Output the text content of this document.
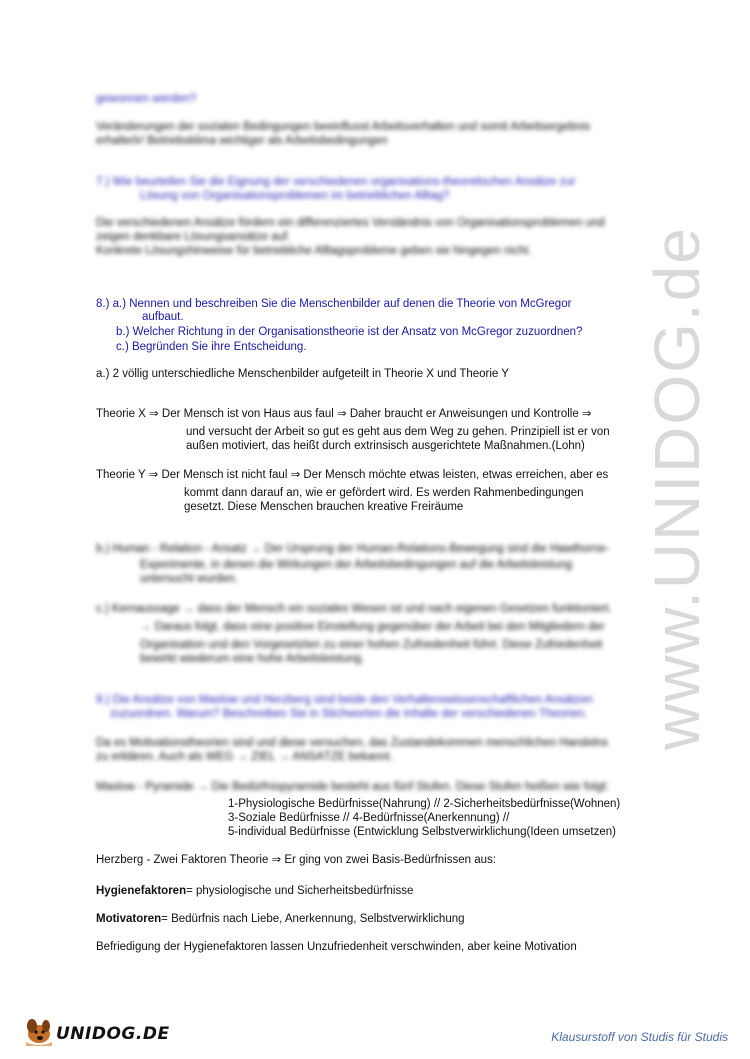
gewonnen werden?
Veränderungen der sozialen Bedingungen beeinflusst Arbeitsverhalten und somit Arbeitsergebnis
erhalte/ir/ Betriebsklima wichtiger als Arbeitsbedingungen
7.) Wie beurteilen Sie die Eignung der verschiedenen organisations-theoretischen Ansätze zur
Lösung von Organisationsproblemen im betrieblichen Alltag?
Die verschiedenen Ansätze fördern ein differenziertes Verständnis von Organisationsproblemen und
zeigen denkbare Lösungsansätze auf.
Konkrete Lösungshinweise für betriebliche Alltagsprobleme geben sie hingegen nicht.
8.) a.) Nennen und beschreiben Sie die Menschenbilder auf denen die Theorie von McGregor
aufbaut.
b.) Welcher Richtung in der Organisationstheorie ist der Ansatz von McGregor zuzuordnen?
c.) Begründen Sie ihre Entscheidung.
a.) 2 völlig unterschiedliche Menschenbilder aufgeteilt in Theorie X und Theorie Y
Theorie X ⇒ Der Mensch ist von Haus aus faul ⇒ Daher braucht er Anweisungen und Kontrolle ⇒
und versucht der Arbeit so gut es geht aus dem Weg zu gehen. Prinzipiell ist er von
außen motiviert, das heißt durch extrinsisch ausgerichtete Maßnahmen.(Lohn)
Theorie Y ⇒ Der Mensch ist nicht faul ⇒ Der Mensch möchte etwas leisten, etwas erreichen, aber es
kommt dann darauf an, wie er gefördert wird. Es werden Rahmenbedingungen
gesetzt. Diese Menschen brauchen kreative Freiräume
b.) Human - Relation - Ansatz → Der Ursprung der Human-Relations-Bewegung sind die Hawthorne-
Experimente, in denen die Wirkungen der Arbeitsbedingungen auf die Arbeitsleistung
untersucht wurden.
c.) Kernaussage → dass der Mensch ein soziales Wesen ist und nach eigenen Gesetzen funktioniert.
→ Daraus folgt, dass eine positive Einstellung gegenüber der Arbeit bei den Mitgliedern der
Organisation und den Vorgesetzten zu einer hohen Zufriedenheit führt. Diese Zufriedenheit
bewirkt wiederum eine hohe Arbeitsleistung.
9.) Die Ansätze von Maslow und Herzberg sind beide den Verhaltenswissenschaftlichen Ansätzen
zuzuordnen. Warum? Beschreiben Sie in Stichworten die Inhalte der verschiedenen Theorien.
Da es Motivationstheorien sind und diese versuchen, das Zustandekommen menschlichen Handelns
zu erklären. Auch als WEG → ZIEL → ANSÄTZE bekannt.
Maslow - Pyramide → Die Bedürfnispyramide besteht aus fünf Stufen. Diese Stufen heißen wie folgt:
1-Physiologische Bedürfnisse(Nahrung) // 2-Sicherheitsbedürfnisse(Wohnen)
3-Soziale Bedürfnisse // 4-Bedürfnisse(Anerkennung) //
5-individual Bedürfnisse (Entwicklung Selbstverwirklichung(Ideen umsetzen)
Herzberg - Zwei Faktoren Theorie ⇒ Er ging von zwei Basis-Bedürfnissen aus:
Hygienefaktoren= physiologische und Sicherheitsbedürfnisse
Motivatoren= Bedürfnis nach Liebe, Anerkennung, Selbstverwirklichung
Befriedigung der Hygienefaktoren lassen Unzufriedenheit verschwinden, aber keine Motivation
www.UNIDOG.de
UNIDOG.DE	Klausurstoff von Studis für Studis
